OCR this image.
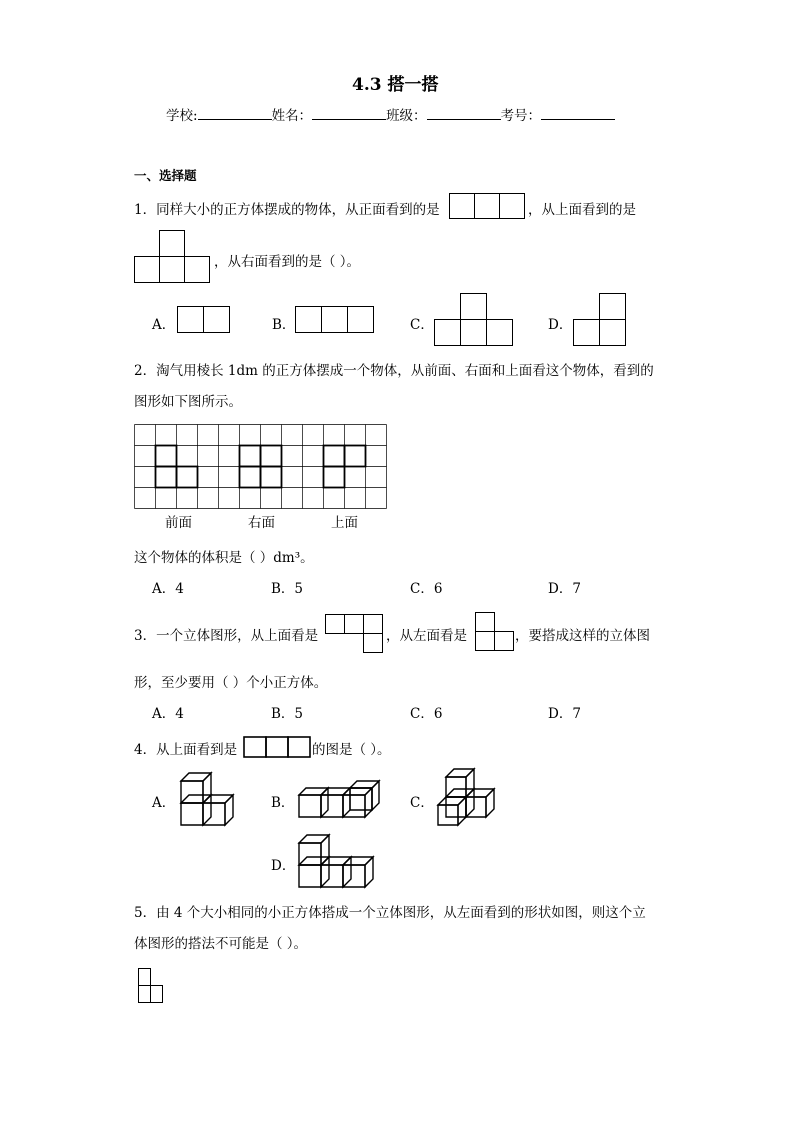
4.3 搭一搭
学校:	姓名：	班级：	考号：
一、选择题
1．同样大小的正方体摆成的物体，从正面看到的是	，从上面看到的是
，从右面看到的是（ ）。
A．	B．	C．	D．
2．淘气用棱长 1dm 的正方体摆成一个物体，从前面、右面和上面看这个物体，看到的
图形如下图所示。
前面	右面	上面
这个物体的体积是（ ）dm³。
A．4	B．5	C．6	D．7
3．一个立体图形，从上面看是	，从左面看是	，要搭成这样的立体图
形，至少要用（ ）个小正方体。
A．4	B．5	C．6	D．7
4．从上面看到是	的图是（ ）。
A．	B．	C．
D．
5．由 4 个大小相同的小正方体搭成一个立体图形，从左面看到的形状如图，则这个立
体图形的搭法不可能是（ ）。
